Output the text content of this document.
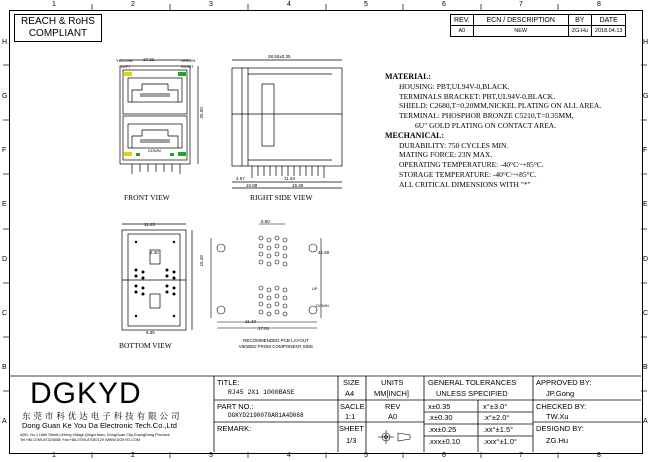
1	2	3	4	5	6	7	8
1	2	3	4	5	6	7	8
H
G
F
E
D
C
B
A
H
G
F
E
D
C
B
A
REACH & RoHS
COMPLIANT
REV.	ECN / DESCRIPTION	BY	DATE
A0	NEW	ZG.Hu	2018.04.13
YELLOW
LEFT
GREEN
RIGHT
DOWN
17.21
25.50
FRONT VIEW
28.50±0.35
4.57	11.43
10.89	15.49
RIGHT SIDE VIEW
MATERIAL:
HOUSING: PBT,UL94V-0,BLACK.
TERMINALS BRACKET: PBT,UL94V-0,BLACK.
SHIELD: C2680,T=0.20MM,NICKEL PLATING ON ALL AREA.
TERMINAL: PHOSPHOR BRONZE C5210,T=0.35MM,
6U" GOLD PLATING ON CONTACT AREA.
MECHANICAL:
DURABILITY: 750 CYCLES MIN.
MATING FORCE: 23N MAX.
OPERATING TEMPERATURE: -40°C~+85°C.
STORAGE TEMPERATURE: -40°C~+85°C.
ALL CRITICAL DIMENSIONS WITH "*"
11.43
6.35
2.30
BOTTOM VIEW
6.60
11.43
17.01
15.49
41.60
UP
DOWN
RECOMMENDED PCB LAYOUT
VIEWED FROM COMPONENT SIDE
DGKYD
东 莞 市 科 优 达 电 子 科 技 有 限 公 司
Dong Guan Ke You Da Electronic Tech.Co.,Ltd
ADD: No.1 Little Street,LiHeng Village,Qingxi town, DongGuan City,GuangDong Province
Tel:+86-0769-87324508; Fax:+86-0769-87087129 WWW.DGKYD.COM
TITLE:
RJ45 2X1 1000BASE
PART NO.:
DGKYD2190078A81A4D068
REMARK:
SIZE
A4
UNITS
MM[INCH]
SACLE
1:1
REV
A0
SHEET
1/3
GENERAL TOLERANCES
UNLESS SPECIFIED
x±0.35	x°±3.0°
.x±0.30	.x°±2.0°
.xx±0.25	.xx°±1.5°
.xxx±0.10	.xxx°±1.0°
APPROVED BY:
JP.Gong
CHECKED BY:
TW.Xu
DESIGND BY:
ZG.Hu
